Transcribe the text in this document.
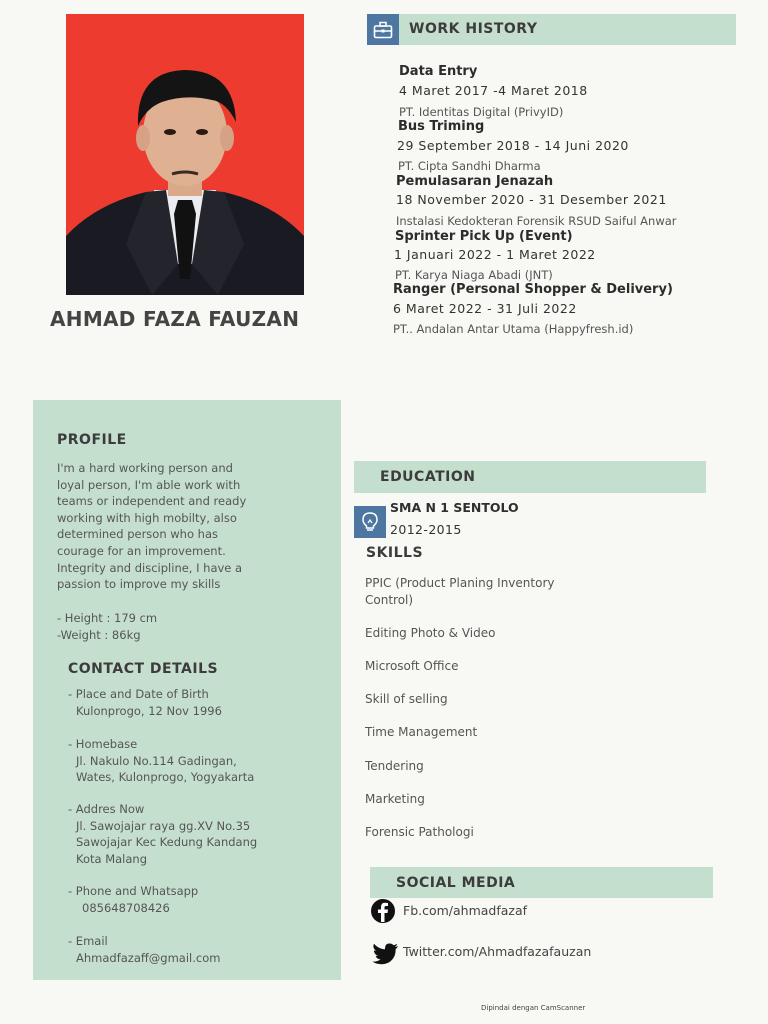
AHMAD FAZA FAUZAN
WORK HISTORY
Data Entry
4 Maret 2017 -4 Maret 2018
PT. Identitas Digital (PrivyID)
Bus Triming
29 September 2018 - 14 Juni 2020
PT. Cipta Sandhi Dharma
Pemulasaran Jenazah
18 November 2020 - 31 Desember 2021
Instalasi Kedokteran Forensik RSUD Saiful Anwar
Sprinter Pick Up (Event)
1 Januari 2022 - 1 Maret 2022
PT. Karya Niaga Abadi (JNT)
Ranger (Personal Shopper & Delivery)
6 Maret 2022 - 31 Juli 2022
PT.. Andalan Antar Utama (Happyfresh.id)
PROFILE
I'm a hard working person and
loyal person, I'm able work with
teams or independent and ready
working with high mobilty, also
determined person who has
courage for an improvement.
Integrity and discipline, I have a
passion to improve my skills
- Height : 179 cm
-Weight : 86kg
CONTACT DETAILS
- Place and Date of Birth
Kulonprogo, 12 Nov 1996
- Homebase
Jl. Nakulo No.114 Gadingan,
Wates, Kulonprogo, Yogyakarta
- Addres Now
Jl. Sawojajar raya gg.XV No.35
Sawojajar Kec Kedung Kandang
Kota Malang
- Phone and Whatsapp
085648708426
- Email
Ahmadfazaff@gmail.com
EDUCATION
SMA N 1 SENTOLO
2012-2015
SKILLS
PPIC (Product Planing Inventory
Control)
Editing Photo & Video
Microsoft Office
Skill of selling
Time Management
Tendering
Marketing
Forensic Pathologi
SOCIAL MEDIA
Fb.com/ahmadfazaf
Twitter.com/Ahmadfazafauzan
Dipindai dengan CamScanner
